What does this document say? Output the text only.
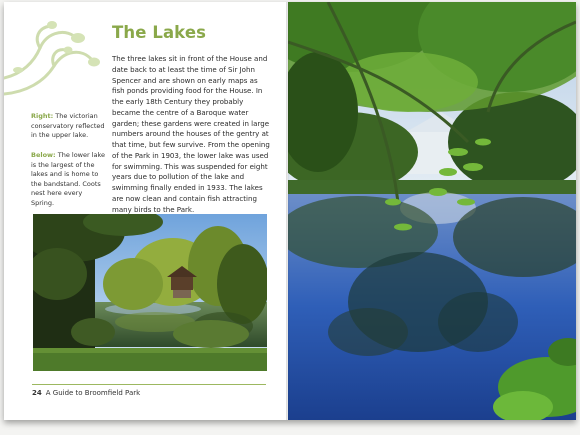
The Lakes

The three lakes sit in front of the House and date back to at least the time of Sir John Spencer and are shown on early maps as fish ponds providing food for the House. In the early 18th Century they probably became the centre of a Baroque water garden; these gardens were created in large numbers around the houses of the gentry at that time, but few survive. From the opening of the Park in 1903, the lower lake was used for swimming. This was suspended for eight years due to pollution of the lake and swimming finally ended in 1933. The lakes are now clean and contain fish attracting many birds to the Park.

Right: The victorian conservatory reflected in the upper lake.

Below: The lower lake is the largest of the lakes and is home to the bandstand. Coots nest here every Spring.

24 A Guide to Broomfield Park
